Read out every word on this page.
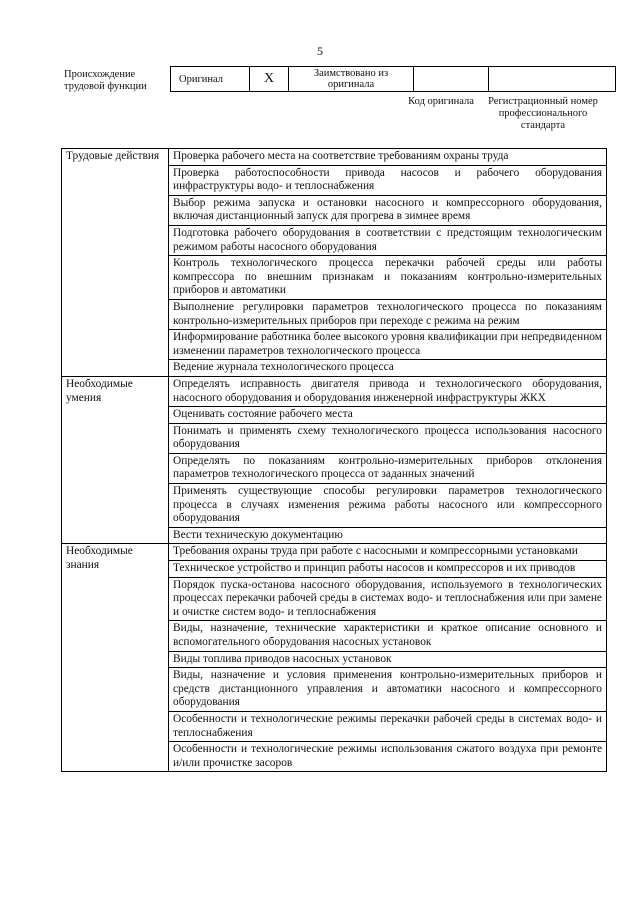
5
Происхождение трудовой функции
Оригинал	X	Заимствовано из оригинала		
Код оригинала	Регистрационный номер профессионального стандарта
Трудовые действия	Проверка рабочего места на соответствие требованиям охраны труда
	Проверка работоспособности привода насосов и рабочего оборудования инфраструктуры водо- и теплоснабжения
	Выбор режима запуска и остановки насосного и компрессорного оборудования, включая дистанционный запуск для прогрева в зимнее время
	Подготовка рабочего оборудования в соответствии с предстоящим технологическим режимом работы насосного оборудования
	Контроль технологического процесса перекачки рабочей среды или работы компрессора по внешним признакам и показаниям контрольно-измерительных приборов и автоматики
	Выполнение регулировки параметров технологического процесса по показаниям контрольно-измерительных приборов при переходе с режима на режим
	Информирование работника более высокого уровня квалификации при непредвиденном изменении параметров технологического процесса
	Ведение журнала технологического процесса
Необходимые умения	Определять исправность двигателя привода и технологического оборудования, насосного оборудования и оборудования инженерной инфраструктуры ЖКХ
	Оценивать состояние рабочего места
	Понимать и применять схему технологического процесса использования насосного оборудования
	Определять по показаниям контрольно-измерительных приборов отклонения параметров технологического процесса от заданных значений
	Применять существующие способы регулировки параметров технологического процесса в случаях изменения режима работы насосного или компрессорного оборудования
	Вести техническую документацию
Необходимые знания	Требования охраны труда при работе с насосными и компрессорными установками
	Техническое устройство и принцип работы насосов и компрессоров и их приводов
	Порядок пуска-останова насосного оборудования, используемого в технологических процессах перекачки рабочей среды в системах водо- и теплоснабжения или при замене и очистке систем водо- и теплоснабжения
	Виды, назначение, технические характеристики и краткое описание основного и вспомогательного оборудования насосных установок
	Виды топлива приводов насосных установок
	Виды, назначение и условия применения контрольно-измерительных приборов и средств дистанционного управления и автоматики насосного и компрессорного оборудования
	Особенности и технологические режимы перекачки рабочей среды в системах водо- и теплоснабжения
	Особенности и технологические режимы использования сжатого воздуха при ремонте и/или прочистке засоров
